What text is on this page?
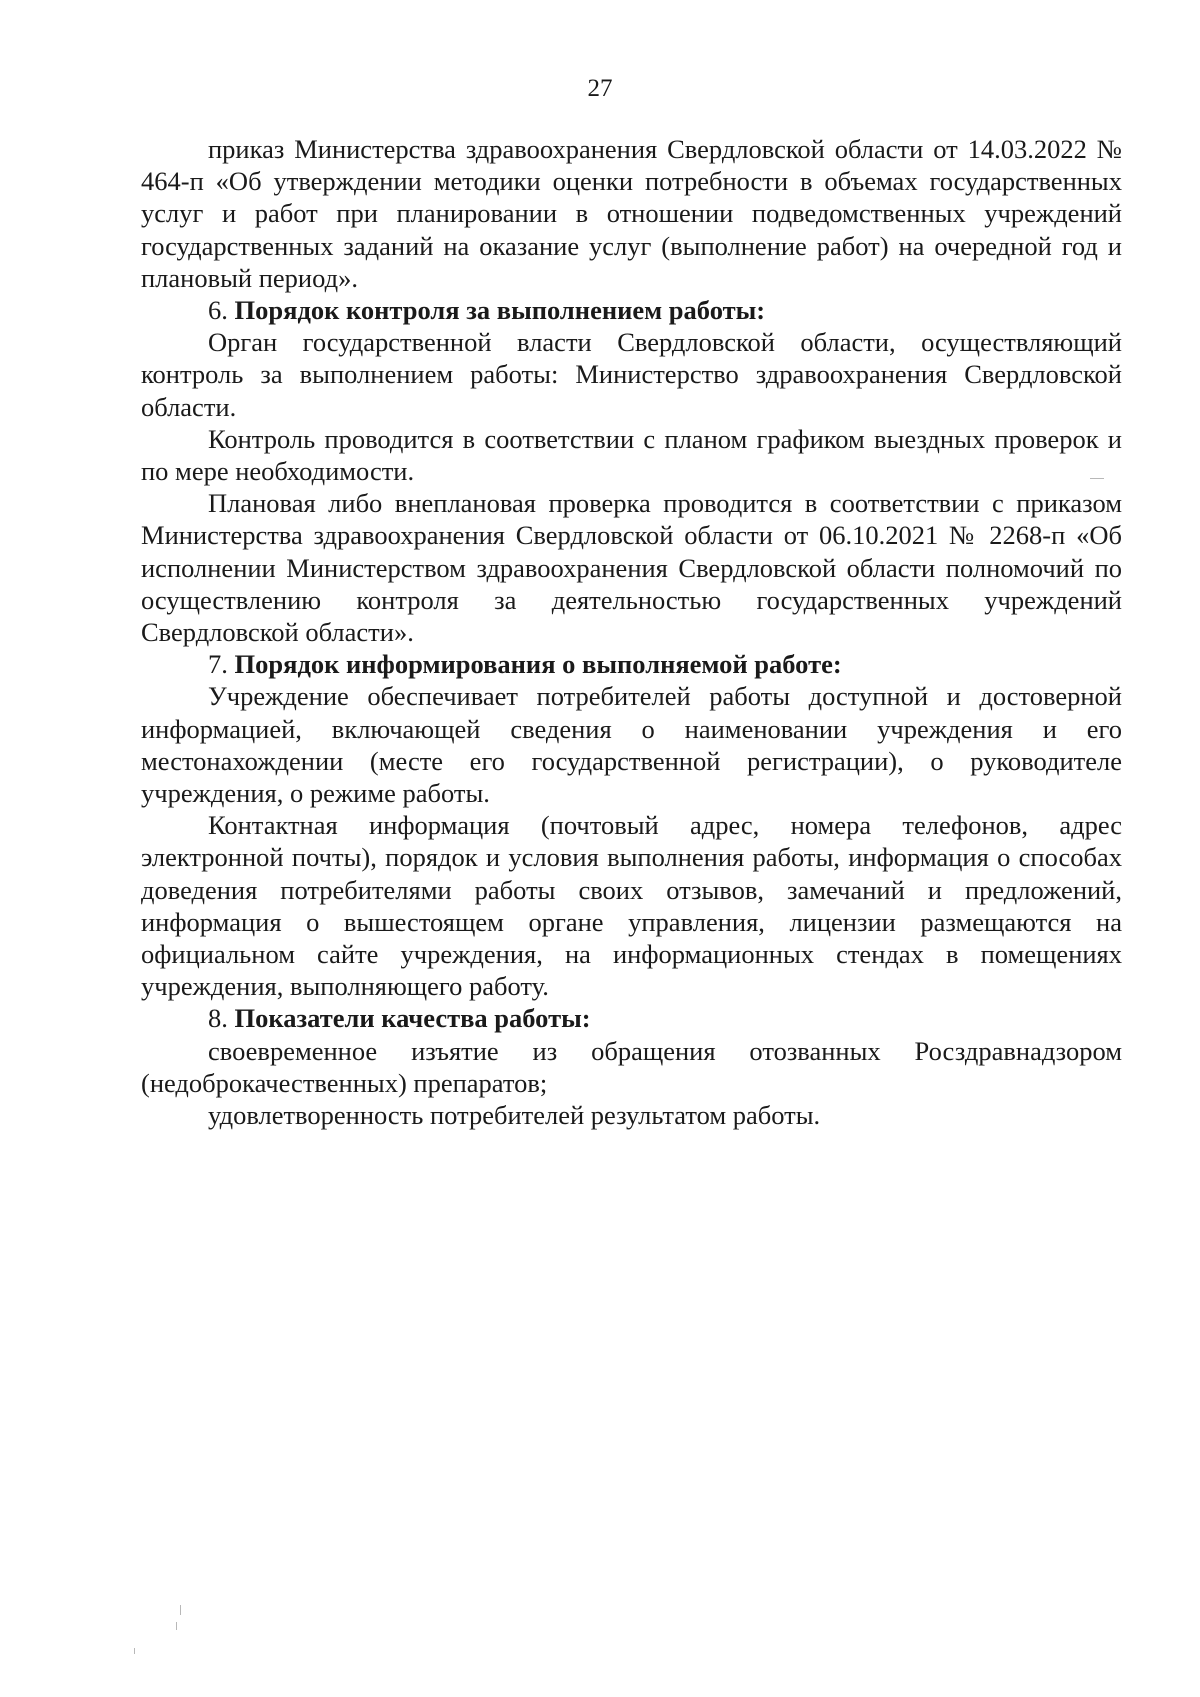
27

приказ Министерства здравоохранения Свердловской области от 14.03.2022 № 464-п «Об утверждении методики оценки потребности в объемах государственных услуг и работ при планировании в отношении подведомственных учреждений государственных заданий на оказание услуг (выполнение работ) на очередной год и плановый период».

6. Порядок контроля за выполнением работы:

Орган государственной власти Свердловской области, осуществляющий контроль за выполнением работы: Министерство здравоохранения Свердловской области.

Контроль проводится в соответствии с планом графиком выездных проверок и по мере необходимости.

Плановая либо внеплановая проверка проводится в соответствии с приказом Министерства здравоохранения Свердловской области от 06.10.2021 № 2268-п «Об исполнении Министерством здравоохранения Свердловской области полномочий по осуществлению контроля за деятельностью государственных учреждений Свердловской области».

7. Порядок информирования о выполняемой работе:

Учреждение обеспечивает потребителей работы доступной и достоверной информацией, включающей сведения о наименовании учреждения и его местонахождении (месте его государственной регистрации), о руководителе учреждения, о режиме работы.

Контактная информация (почтовый адрес, номера телефонов, адрес электронной почты), порядок и условия выполнения работы, информация о способах доведения потребителями работы своих отзывов, замечаний и предложений, информация о вышестоящем органе управления, лицензии размещаются на официальном сайте учреждения, на информационных стендах в помещениях учреждения, выполняющего работу.

8. Показатели качества работы:

своевременное изъятие из обращения отозванных Росздравнадзором (недоброкачественных) препаратов;

удовлетворенность потребителей результатом работы.
